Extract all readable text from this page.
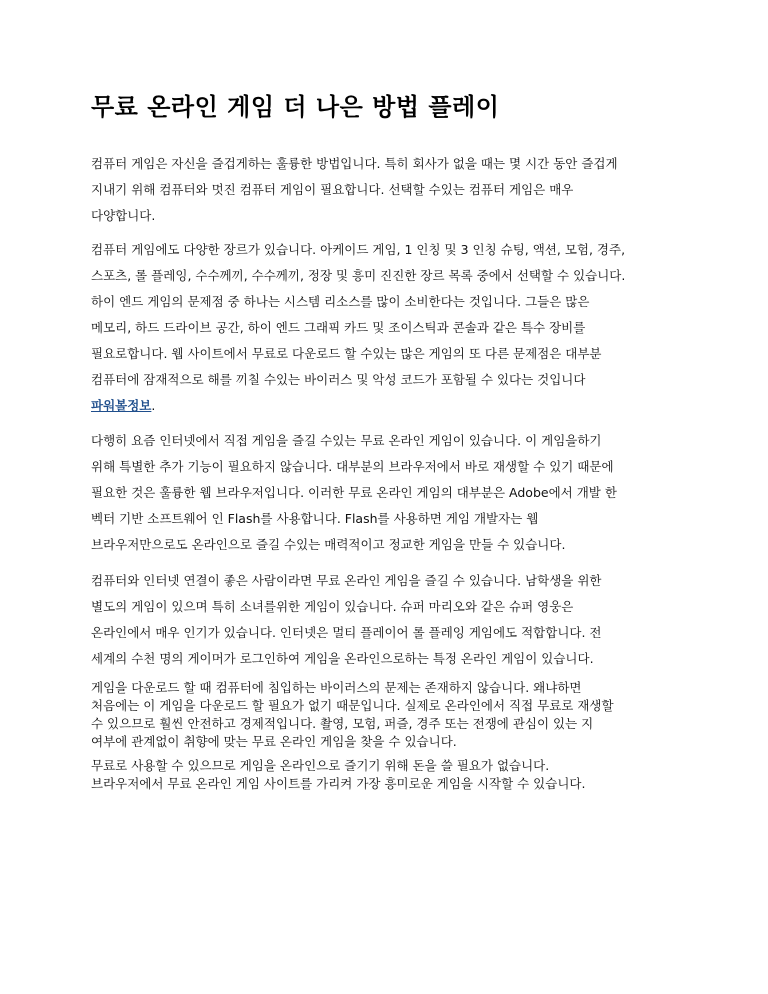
무료 온라인 게임 더 나은 방법 플레이
컴퓨터 게임은 자신을 즐겁게하는 훌륭한 방법입니다. 특히 회사가 없을 때는 몇 시간 동안 즐겁게
지내기 위해 컴퓨터와 멋진 컴퓨터 게임이 필요합니다. 선택할 수있는 컴퓨터 게임은 매우
다양합니다.
컴퓨터 게임에도 다양한 장르가 있습니다. 아케이드 게임, 1 인칭 및 3 인칭 슈팅, 액션, 모험, 경주,
스포츠, 롤 플레잉, 수수께끼, 수수께끼, 정장 및 흥미 진진한 장르 목록 중에서 선택할 수 있습니다.
하이 엔드 게임의 문제점 중 하나는 시스템 리소스를 많이 소비한다는 것입니다. 그들은 많은
메모리, 하드 드라이브 공간, 하이 엔드 그래픽 카드 및 조이스틱과 콘솔과 같은 특수 장비를
필요로합니다. 웹 사이트에서 무료로 다운로드 할 수있는 많은 게임의 또 다른 문제점은 대부분
컴퓨터에 잠재적으로 해를 끼칠 수있는 바이러스 및 악성 코드가 포함될 수 있다는 것입니다
파워볼정보.
다행히 요즘 인터넷에서 직접 게임을 즐길 수있는 무료 온라인 게임이 있습니다. 이 게임을하기
위해 특별한 추가 기능이 필요하지 않습니다. 대부분의 브라우저에서 바로 재생할 수 있기 때문에
필요한 것은 훌륭한 웹 브라우저입니다. 이러한 무료 온라인 게임의 대부분은 Adobe에서 개발 한
벡터 기반 소프트웨어 인 Flash를 사용합니다. Flash를 사용하면 게임 개발자는 웹
브라우저만으로도 온라인으로 즐길 수있는 매력적이고 정교한 게임을 만들 수 있습니다.
컴퓨터와 인터넷 연결이 좋은 사람이라면 무료 온라인 게임을 즐길 수 있습니다. 남학생을 위한
별도의 게임이 있으며 특히 소녀를위한 게임이 있습니다. 슈퍼 마리오와 같은 슈퍼 영웅은
온라인에서 매우 인기가 있습니다. 인터넷은 멀티 플레이어 롤 플레잉 게임에도 적합합니다. 전
세계의 수천 명의 게이머가 로그인하여 게임을 온라인으로하는 특정 온라인 게임이 있습니다.
게임을 다운로드 할 때 컴퓨터에 침입하는 바이러스의 문제는 존재하지 않습니다. 왜냐하면
처음에는 이 게임을 다운로드 할 필요가 없기 때문입니다. 실제로 온라인에서 직접 무료로 재생할
수 있으므로 훨씬 안전하고 경제적입니다. 촬영, 모험, 퍼즐, 경주 또는 전쟁에 관심이 있는 지
여부에 관계없이 취향에 맞는 무료 온라인 게임을 찾을 수 있습니다.
무료로 사용할 수 있으므로 게임을 온라인으로 즐기기 위해 돈을 쓸 필요가 없습니다.
브라우저에서 무료 온라인 게임 사이트를 가리켜 가장 흥미로운 게임을 시작할 수 있습니다.
